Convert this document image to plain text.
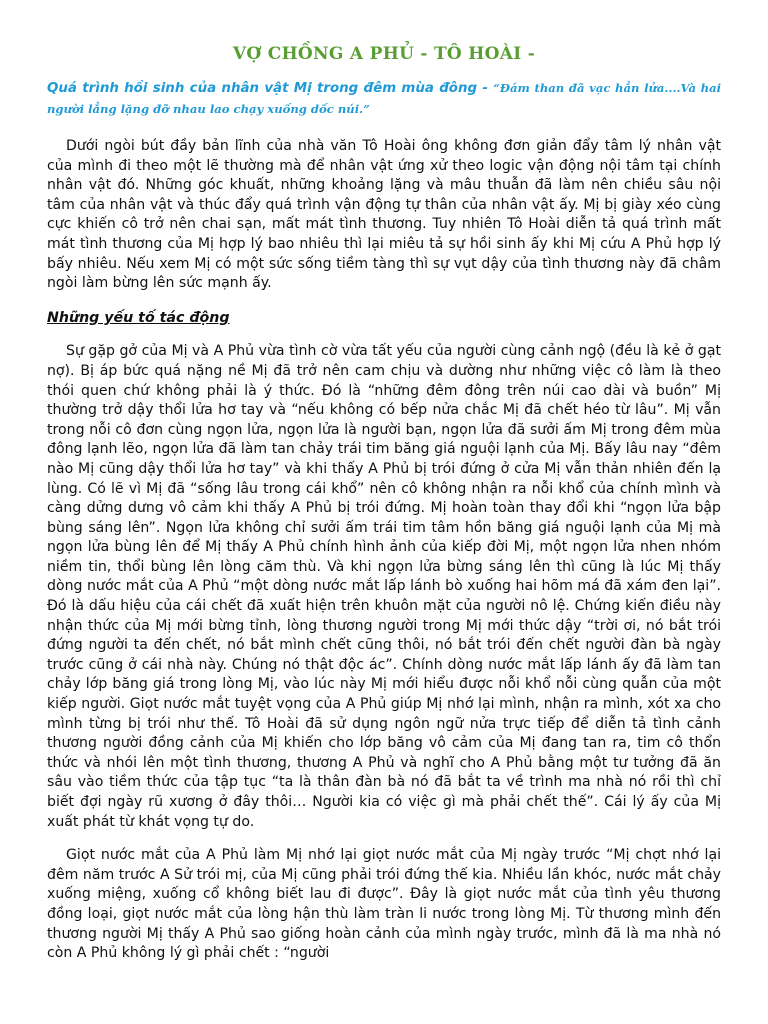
VỢ CHỒNG A PHỦ - TÔ HOÀI -

Quá trình hồi sinh của nhân vật Mị trong đêm mùa đông - “Đám than đã vạc hẳn lửa....Và hai người lẳng lặng đỡ nhau lao chạy xuống dốc núi.”

Dưới ngòi bút đầy bản lĩnh của nhà văn Tô Hoài ông không đơn giản đẩy tâm lý nhân vật của mình đi theo một lẽ thường mà để nhân vật ứng xử theo logic vận động nội tâm tại chính nhân vật đó. Những góc khuất, những khoảng lặng và mâu thuẫn đã làm nên chiều sâu nội tâm của nhân vật và thúc đẩy quá trình vận động tự thân của nhân vật ấy. Mị bị giày xéo cùng cực khiến cô trở nên chai sạn, mất mát tình thương. Tuy nhiên Tô Hoài diễn tả quá trình mất mát tình thương của Mị hợp lý bao nhiêu thì lại miêu tả sự hồi sinh ấy khi Mị cứu A Phủ hợp lý bấy nhiêu. Nếu xem Mị có một sức sống tiềm tàng thì sự vụt dậy của tình thương này đã châm ngòi làm bừng lên sức mạnh ấy.

Những yếu tố tác động

Sự gặp gở của Mị và A Phủ vừa tình cờ vừa tất yếu của người cùng cảnh ngộ (đều là kẻ ở gạt nợ). Bị áp bức quá nặng nề Mị đã trở nên cam chịu và dường như những việc cô làm là theo thói quen chứ không phải là ý thức. Đó là “những đêm đông trên núi cao dài và buồn” Mị thường trở dậy thổi lửa hơ tay và “nếu không có bếp nửa chắc Mị đã chết héo từ lâu”. Mị vẫn trong nỗi cô đơn cùng ngọn lửa, ngọn lửa là người bạn, ngọn lửa đã sưởi ấm Mị trong đêm mùa đông lạnh lẽo, ngọn lửa đã làm tan chảy trái tim băng giá nguội lạnh của Mị. Bấy lâu nay “đêm nào Mị cũng dậy thổi lửa hơ tay” và khi thấy A Phủ bị trói đứng ở cửa Mị vẫn thản nhiên đến lạ lùng. Có lẽ vì Mị đã “sống lâu trong cái khổ” nên cô không nhận ra nỗi khổ của chính mình và càng dửng dưng vô cảm khi thấy A Phủ bị trói đứng. Mị hoàn toàn thay đổi khi “ngọn lửa bập bùng sáng lên”. Ngọn lửa không chỉ sưởi ấm trái tim tâm hồn băng giá nguội lạnh của Mị mà ngọn lửa bùng lên để Mị thấy A Phủ chính hình ảnh của kiếp đời Mị, một ngọn lửa nhen nhóm niềm tin, thổi bùng lên lòng căm thù. Và khi ngọn lửa bừng sáng lên thì cũng là lúc Mị thấy dòng nước mắt của A Phủ “một dòng nước mắt lấp lánh bò xuống hai hõm má đã xám đen lại”. Đó là dấu hiệu của cái chết đã xuất hiện trên khuôn mặt của người nô lệ. Chứng kiến điều này nhận thức của Mị mới bừng tỉnh, lòng thương người trong Mị mới thức dậy “trời ơi, nó bắt trói đứng người ta đến chết, nó bắt mình chết cũng thôi, nó bắt trói đến chết người đàn bà ngày trước cũng ở cái nhà này. Chúng nó thật độc ác”. Chính dòng nước mắt lấp lánh ấy đã làm tan chảy lớp băng giá trong lòng Mị, vào lúc này Mị mới hiểu được nỗi khổ nỗi cùng quẫn của một kiếp người. Giọt nước mắt tuyệt vọng của A Phủ giúp Mị nhớ lại mình, nhận ra mình, xót xa cho mình từng bị trói như thế. Tô Hoài đã sử dụng ngôn ngữ nửa trực tiếp để diễn tả tình cảnh thương người đồng cảnh của Mị khiến cho lớp băng vô cảm của Mị đang tan ra, tim cô thổn thức và nhói lên một tình thương, thương A Phủ và nghĩ cho A Phủ bằng một tư tưởng đã ăn sâu vào tiềm thức của tập tục “ta là thân đàn bà nó đã bắt ta về trình ma nhà nó rồi thì chỉ biết đợi ngày rũ xương ở đây thôi… Người kia có việc gì mà phải chết thế”. Cái lý ấy của Mị xuất phát từ khát vọng tự do.

Giọt nước mắt của A Phủ làm Mị nhớ lại giọt nước mắt của Mị ngày trước “Mị chợt nhớ lại đêm năm trước A Sử trói mị, của Mị cũng phải trói đứng thế kia. Nhiều lần khóc, nước mắt chảy xuống miệng, xuống cổ không biết lau đi được”. Đây là giọt nước mắt của tình yêu thương đồng loại, giọt nước mắt của lòng hận thù làm tràn li nước trong lòng Mị. Từ thương mình đến thương người Mị thấy A Phủ sao giống hoàn cảnh của mình ngày trước, mình đã là ma nhà nó còn A Phủ không lý gì phải chết : “người
